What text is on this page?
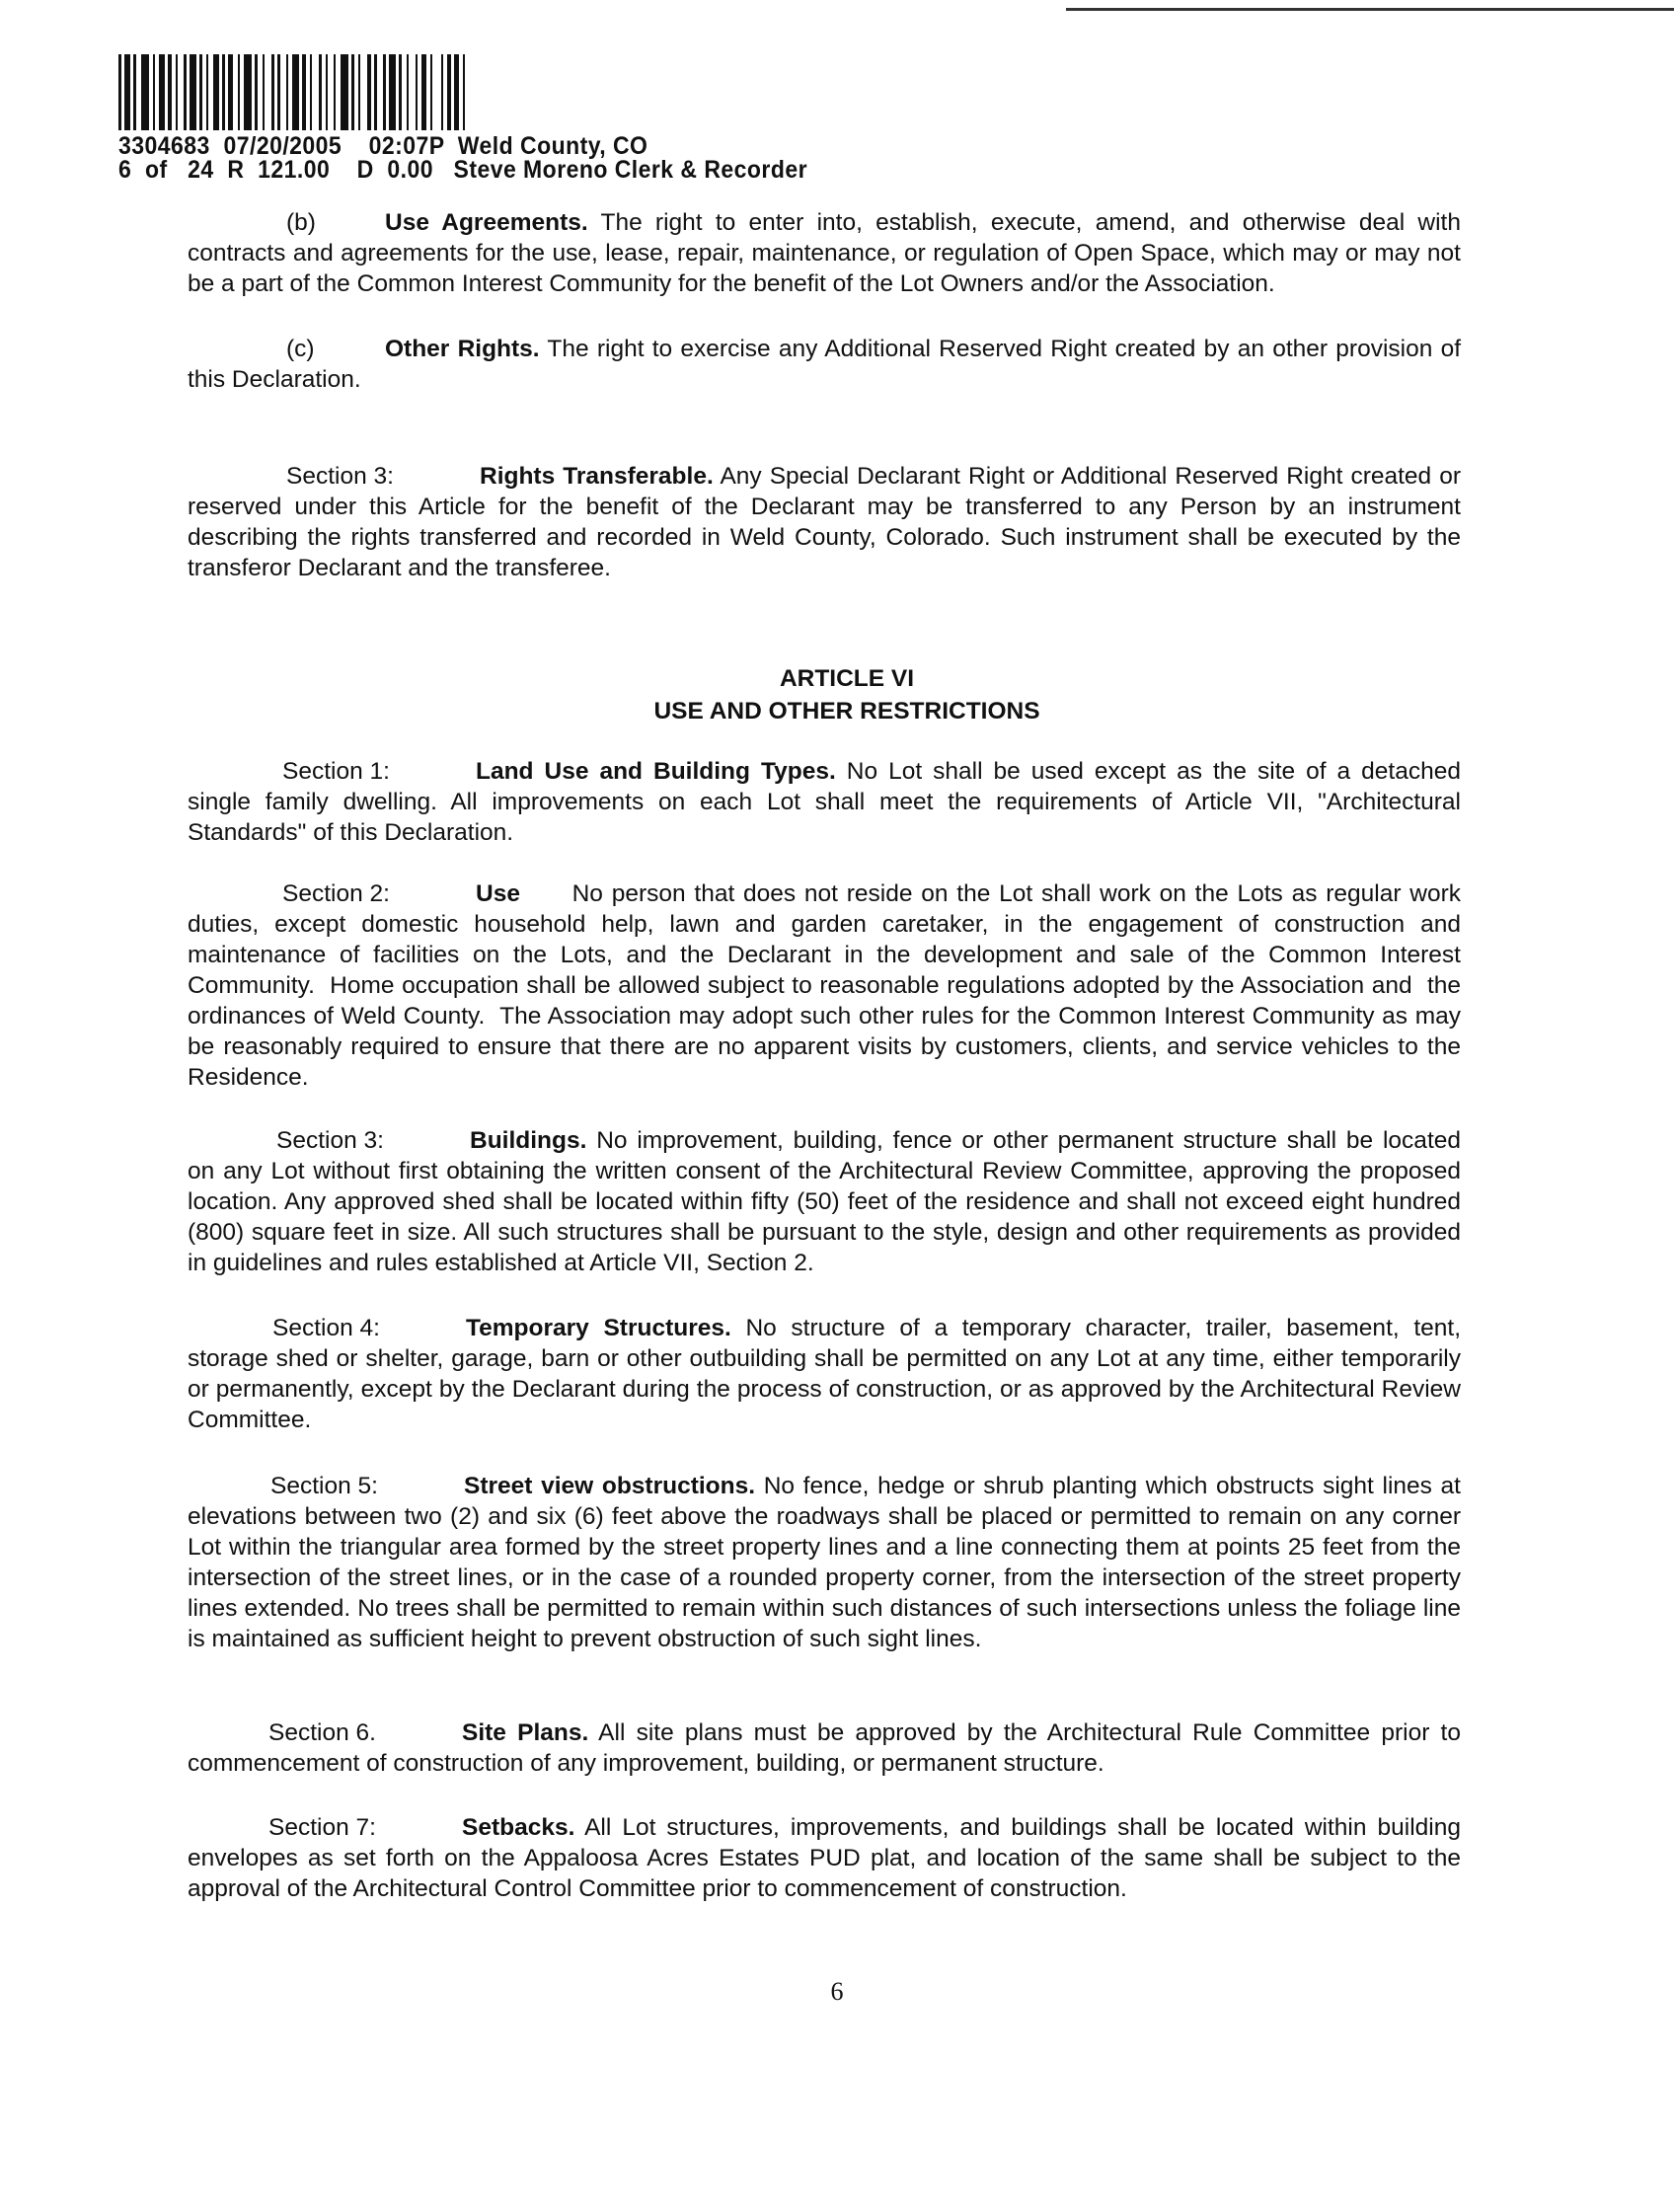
3304683  07/20/2005    02:07P  Weld County, CO
6  of   24  R  121.00    D  0.00   Steve Moreno Clerk & Recorder
(b)	Use Agreements. The right to enter into, establish, execute, amend, and otherwise deal with contracts and agreements for the use, lease, repair, maintenance, or regulation of Open Space, which may or may not be a part of the Common Interest Community for the benefit of the Lot Owners and/or the Association.
(c)	Other Rights. The right to exercise any Additional Reserved Right created by an other provision of this Declaration.
Section 3:	Rights Transferable. Any Special Declarant Right or Additional Reserved Right created or reserved under this Article for the benefit of the Declarant may be transferred to any Person by an instrument describing the rights transferred and recorded in Weld County, Colorado. Such instrument shall be executed by the transferor Declarant and the transferee.
ARTICLE VI
USE AND OTHER RESTRICTIONS
Section 1:	Land Use and Building Types. No Lot shall be used except as the site of a detached single family dwelling. All improvements on each Lot shall meet the requirements of Article VII, "Architectural Standards" of this Declaration.
Section 2:	Use      No person that does not reside on the Lot shall work on the Lots as regular work duties, except domestic household help, lawn and garden caretaker, in the engagement of construction and maintenance of facilities on the Lots, and the Declarant in the development and sale of the Common Interest Community.  Home occupation shall be allowed subject to reasonable regulations adopted by the Association and  the ordinances of Weld County.  The Association may adopt such other rules for the Common Interest Community as may be reasonably required to ensure that there are no apparent visits by customers, clients, and service vehicles to the Residence.
Section 3:	Buildings. No improvement, building, fence or other permanent structure shall be located on any Lot without first obtaining the written consent of the Architectural Review Committee, approving the proposed location. Any approved shed shall be located within fifty (50) feet of the residence and shall not exceed eight hundred (800) square feet in size. All such structures shall be pursuant to the style, design and other requirements as provided in guidelines and rules established at Article VII, Section 2.
Section 4:	Temporary Structures. No structure of a temporary character, trailer, basement, tent, storage shed or shelter, garage, barn or other outbuilding shall be permitted on any Lot at any time, either temporarily or permanently, except by the Declarant during the process of construction, or as approved by the Architectural Review Committee.
Section 5:	Street view obstructions. No fence, hedge or shrub planting which obstructs sight lines at elevations between two (2) and six (6) feet above the roadways shall be placed or permitted to remain on any corner Lot within the triangular area formed by the street property lines and a line connecting them at points 25 feet from the intersection of the street lines, or in the case of a rounded property corner, from the intersection of the street property lines extended. No trees shall be permitted to remain within such distances of such intersections unless the foliage line is maintained as sufficient height to prevent obstruction of such sight lines.
Section 6.	Site Plans. All site plans must be approved by the Architectural Rule Committee prior to commencement of construction of any improvement, building, or permanent structure.
Section 7:	Setbacks. All Lot structures, improvements, and buildings shall be located within building envelopes as set forth on the Appaloosa Acres Estates PUD plat, and location of the same shall be subject to the approval of the Architectural Control Committee prior to commencement of construction.
6
